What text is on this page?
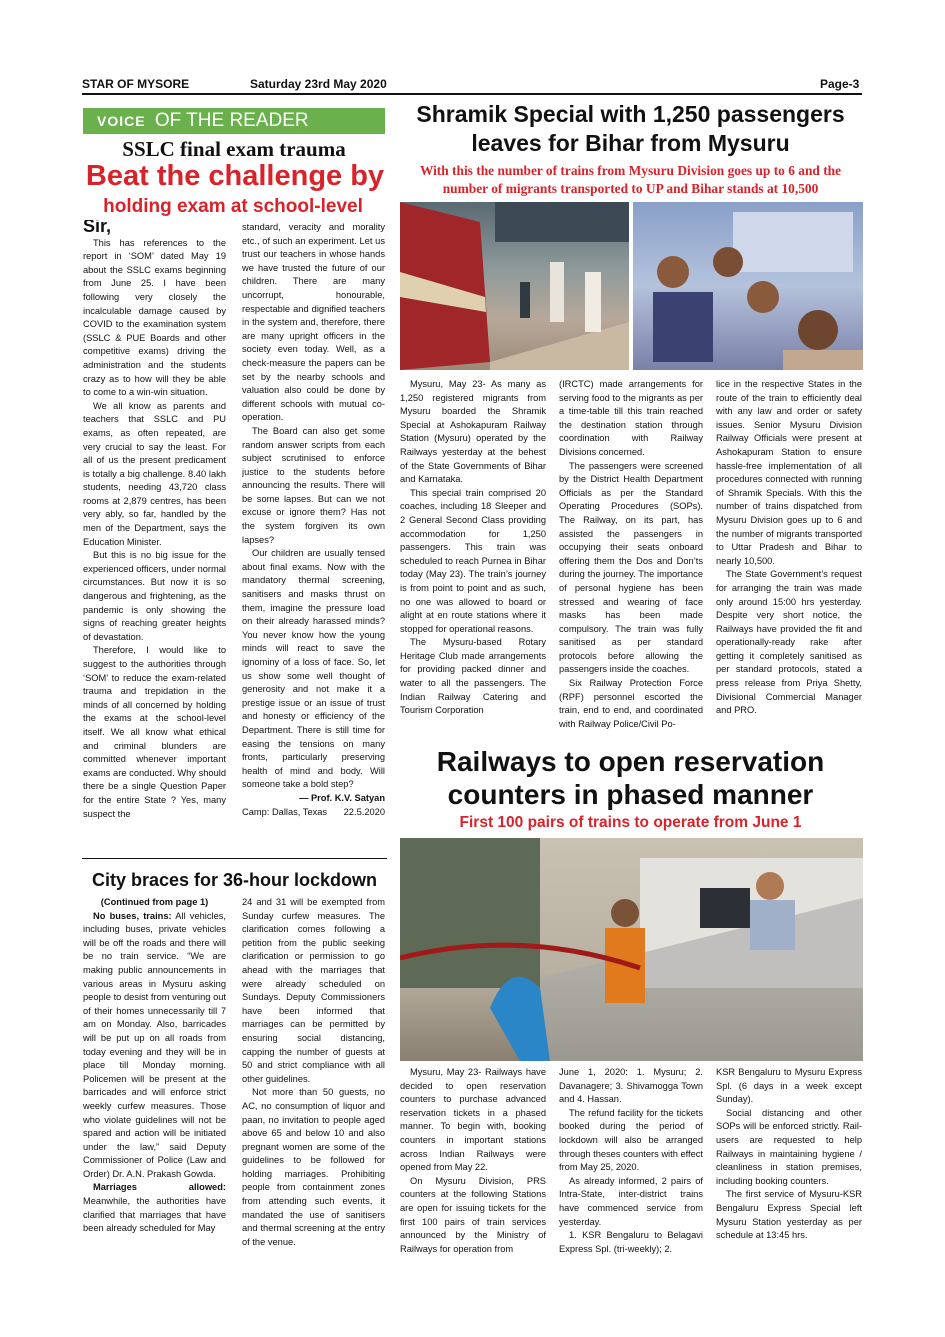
STAR OF MYSORE	Saturday 23rd May 2020	Page-3
VOICE OF THE READER
SSLC final exam trauma
Beat the challenge by
holding exam at school-level

Sir,

This has references to the report in ‘SOM’ dated May 19 about the SSLC exams beginning from June 25. I have been following very closely the incalculable damage caused by COVID to the examination system (SSLC & PUE Boards and other competitive exams) driving the administration and the students crazy as to how will they be able to come to a win-win situation.

We all know as parents and teachers that SSLC and PU exams, as often repeated, are very crucial to say the least. For all of us the present predicament is totally a big challenge. 8.40 lakh students, needing 43,720 class rooms at 2,879 centres, has been very ably, so far, handled by the men of the Department, says the Education Minister.

But this is no big issue for the experienced officers, under normal circumstances. But now it is so dangerous and frightening, as the pandemic is only showing the signs of reaching greater heights of devastation.

Therefore, I would like to suggest to the authorities through ‘SOM’ to reduce the exam-related trauma and trepidation in the minds of all concerned by holding the exams at the school-level itself. We all know what ethical and criminal blunders are committed whenever important exams are conducted. Why should there be a single Question Paper for the entire State ? Yes, many suspect the

standard, veracity and morality etc., of such an experiment. Let us trust our teachers in whose hands we have trusted the future of our children. There are many uncorrupt, honourable, respectable and dignified teachers in the system and, therefore, there are many upright officers in the society even today. Well, as a check-measure the papers can be set by the nearby schools and valuation also could be done by different schools with mutual co-operation.

The Board can also get some random answer scripts from each subject scrutinised to enforce justice to the students before announcing the results. There will be some lapses. But can we not excuse or ignore them? Has not the system forgiven its own lapses?

Our children are usually tensed about final exams. Now with the mandatory thermal screening, sanitisers and masks thrust on them, imagine the pressure load on their already harassed minds? You never know how the young minds will react to save the ignominy of a loss of face. So, let us show some well thought of generosity and not make it a prestige issue or an issue of trust and honesty or efficiency of the Department. There is still time for easing the tensions on many fronts, particularly preserving health of mind and body. Will someone take a bold step?

— Prof. K.V. Satyan
Camp: Dallas, Texas 22.5.2020
City braces for 36-hour lockdown

(Continued from page 1)

No buses, trains: All vehicles, including buses, private vehicles will be off the roads and there will be no train service. “We are making public announcements in various areas in Mysuru asking people to desist from venturing out of their homes unnecessarily till 7 am on Monday. Also, barricades will be put up on all roads from today evening and they will be in place till Monday morning. Policemen will be present at the barricades and will enforce strict weekly curfew measures. Those who violate guidelines will not be spared and action will be initiated under the law,” said Deputy Commissioner of Police (Law and Order) Dr. A.N. Prakash Gowda.

Marriages allowed: Meanwhile, the authorities have clarified that marriages that have been already scheduled for May

24 and 31 will be exempted from Sunday curfew measures. The clarification comes following a petition from the public seeking clarification or permission to go ahead with the marriages that were already scheduled on Sundays. Deputy Commissioners have been informed that marriages can be permitted by ensuring social distancing, capping the number of guests at 50 and strict compliance with all other guidelines.

Not more than 50 guests, no AC, no consumption of liquor and paan, no invitation to people aged above 65 and below 10 and also pregnant women are some of the guidelines to be followed for holding marriages. Prohibiting people from containment zones from attending such events, it mandated the use of sanitisers and thermal screening at the entry of the venue.

Shramik Special with 1,250 passengers
leaves for Bihar from Mysuru
With this the number of trains from Mysuru Division goes up to 6 and the number of migrants transported to UP and Bihar stands at 10,500

Mysuru, May 23- As many as 1,250 registered migrants from Mysuru boarded the Shramik Special at Ashokapuram Railway Station (Mysuru) operated by the Railways yesterday at the behest of the State Governments of Bihar and Karnataka.

This special train comprised 20 coaches, including 18 Sleeper and 2 General Second Class providing accommodation for 1,250 passengers. This train was scheduled to reach Purnea in Bihar today (May 23). The train’s journey is from point to point and as such, no one was allowed to board or alight at en route stations where it stopped for operational reasons.

The Mysuru-based Rotary Heritage Club made arrangements for providing packed dinner and water to all the passengers. The Indian Railway Catering and Tourism Corporation

(IRCTC) made arrangements for serving food to the migrants as per a time-table till this train reached the destination station through coordination with Railway Divisions concerned.

The passengers were screened by the District Health Department Officials as per the Standard Operating Procedures (SOPs). The Railway, on its part, has assisted the passengers in occupying their seats onboard offering them the Dos and Don’ts during the journey. The importance of personal hygiene has been stressed and wearing of face masks has been made compulsory. The train was fully sanitised as per standard protocols before allowing the passengers inside the coaches.

Six Railway Protection Force (RPF) personnel escorted the train, end to end, and coordinated with Railway Police/Civil Po-

lice in the respective States in the route of the train to efficiently deal with any law and order or safety issues. Senior Mysuru Division Railway Officials were present at Ashokapuram Station to ensure hassle-free implementation of all procedures connected with running of Shramik Specials. With this the number of trains dispatched from Mysuru Division goes up to 6 and the number of migrants transported to Uttar Pradesh and Bihar to nearly 10,500.

The State Government’s request for arranging the train was made only around 15:00 hrs yesterday. Despite very short notice, the Railways have provided the fit and operationally-ready rake after getting it completely sanitised as per standard protocols, stated a press release from Priya Shetty, Divisional Commercial Manager and PRO.

Railways to open reservation
counters in phased manner
First 100 pairs of trains to operate from June 1

Mysuru, May 23- Railways have decided to open reservation counters to purchase advanced reservation tickets in a phased manner. To begin with, booking counters in important stations across Indian Railways were opened from May 22.

On Mysuru Division, PRS counters at the following Stations are open for issuing tickets for the first 100 pairs of train services announced by the Ministry of Railways for operation from

June 1, 2020: 1. Mysuru; 2. Davanagere; 3. Shivamogga Town and 4. Hassan.

The refund facility for the tickets booked during the period of lockdown will also be arranged through theses counters with effect from May 25, 2020.

As already informed, 2 pairs of Intra-State, inter-district trains have commenced service from yesterday.

1. KSR Bengaluru to Belagavi Express Spl. (tri-weekly); 2.

KSR Bengaluru to Mysuru Express Spl. (6 days in a week except Sunday).

Social distancing and other SOPs will be enforced strictly. Rail-users are requested to help Railways in maintaining hygiene / cleanliness in station premises, including booking counters.

The first service of Mysuru-KSR Bengaluru Express Special left Mysuru Station yesterday as per schedule at 13:45 hrs.
